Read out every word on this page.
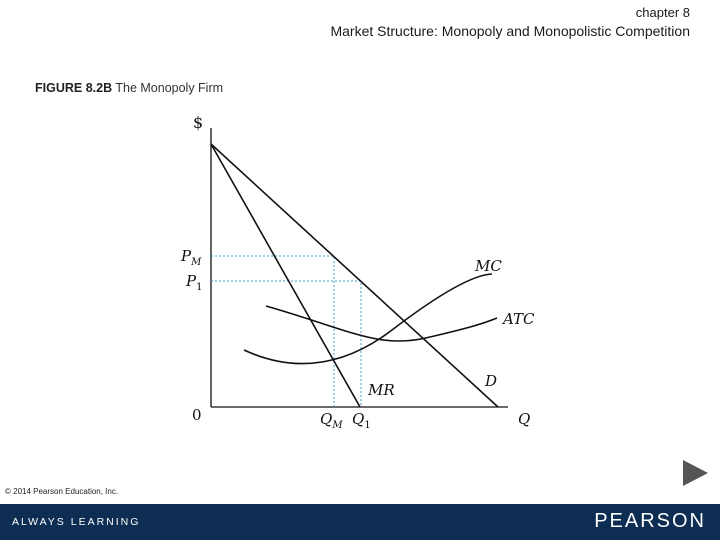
chapter 8
Market Structure: Monopoly and Monopolistic Competition
FIGURE 8.2B The Monopoly Firm
$
0	Q
$P_M$
$P_1$
$Q_M$ $Q_1$
MC
ATC
MR	D
© 2014 Pearson Education, Inc.
ALWAYS LEARNING	PEARSON
